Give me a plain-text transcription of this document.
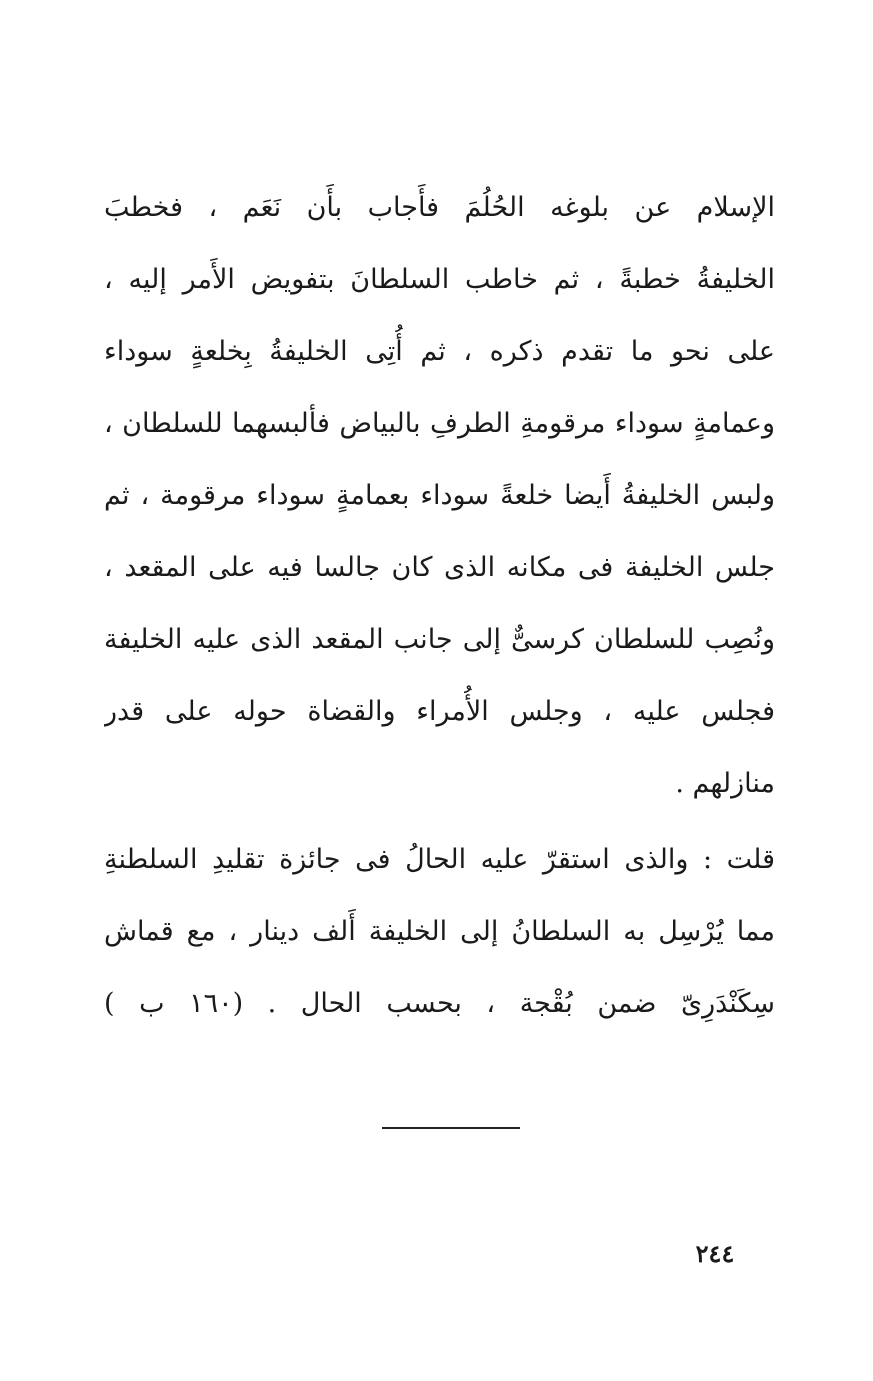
الإسلام عن بلوغه الحُلُمَ فأَجاب بأَن نَعَم ، فخطبَ
الخليفةُ خطبةً ، ثم خاطب السلطانَ بتفويض الأَمر إليه ،
على نحو ما تقدم ذكره ، ثم أُتِى الخليفةُ بِخلعةٍ سوداء
وعمامةٍ سوداء مرقومةِ الطرفِ بالبياض فألبسهما للسلطان ،
ولبس الخليفةُ أَيضا خلعةً سوداء بعمامةٍ سوداء مرقومة ، ثم
جلس الخليفة فى مكانه الذى كان جالسا فيه على المقعد ،
ونُصِب للسلطان كرسىٌّ إلى جانب المقعد الذى عليه الخليفة
فجلس عليه ، وجلس الأُمراء والقضاة حوله على قدر
منازلهم .
قلت : والذى استقرّ عليه الحالُ فى جائزة تقليدِ السلطنةِ
مما يُرْسِل به السلطانُ إلى الخليفة أَلف دينار ، مع قماش
سِكَنْدَرِىّ ضمن بُقْجة ، بحسب الحال . (١٦٠ ب )
٢٤٤
